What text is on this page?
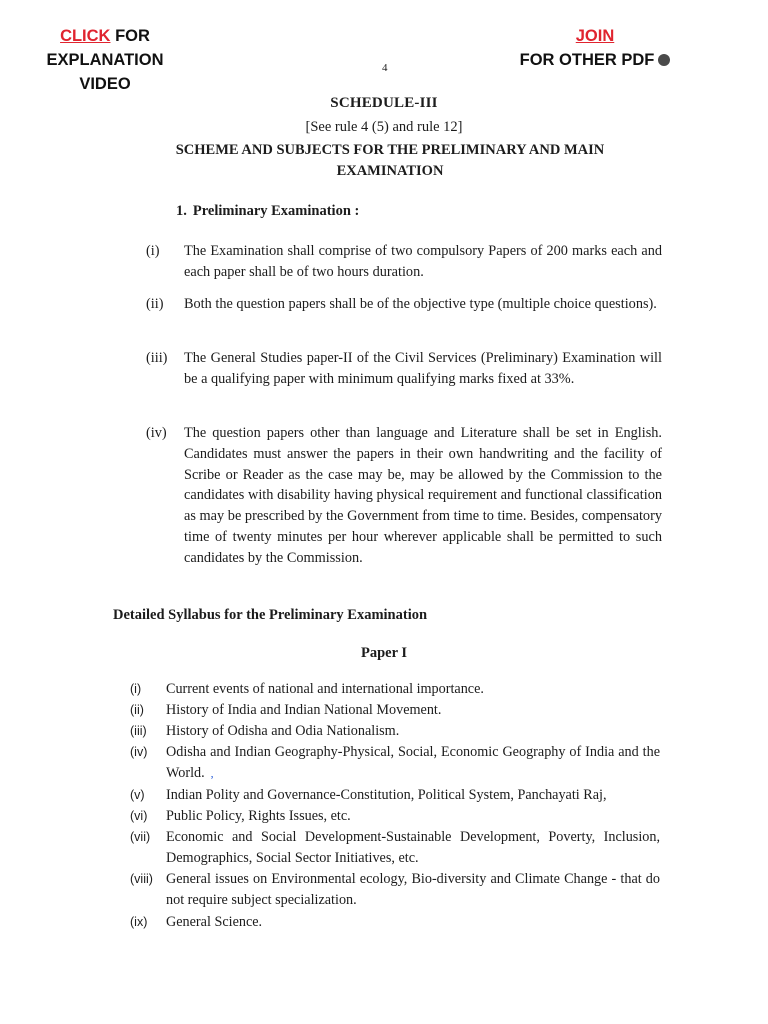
CLICK FOR
EXPLANATION
VIDEO
JOIN
FOR OTHER PDF
4
SCHEDULE-III
[See rule 4 (5) and rule 12]
SCHEME AND SUBJECTS FOR THE PRELIMINARY AND MAIN EXAMINATION
1. Preliminary Examination :
(i) The Examination shall comprise of two compulsory Papers of 200 marks each and each paper shall be of two hours duration.
(ii) Both the question papers shall be of the objective type (multiple choice questions).
(iii) The General Studies paper-II of the Civil Services (Preliminary) Examination will be a qualifying paper with minimum qualifying marks fixed at 33%.
(iv) The question papers other than language and Literature shall be set in English. Candidates must answer the papers in their own handwriting and the facility of Scribe or Reader as the case may be, may be allowed by the Commission to the candidates with disability having physical requirement and functional classification as may be prescribed by the Government from time to time. Besides, compensatory time of twenty minutes per hour wherever applicable shall be permitted to such candidates by the Commission.
Detailed Syllabus for the Preliminary Examination
Paper I
(i) Current events of national and international importance.
(ii) History of India and Indian National Movement.
(iii) History of Odisha and Odia Nationalism.
(iv) Odisha and Indian Geography-Physical, Social, Economic Geography of India and the World. ,
(v) Indian Polity and Governance-Constitution, Political System, Panchayati Raj,
(vi) Public Policy, Rights Issues, etc.
(vii) Economic and Social Development-Sustainable Development, Poverty, Inclusion, Demographics, Social Sector Initiatives, etc.
(viii) General issues on Environmental ecology, Bio-diversity and Climate Change - that do not require subject specialization.
(ix) General Science.
